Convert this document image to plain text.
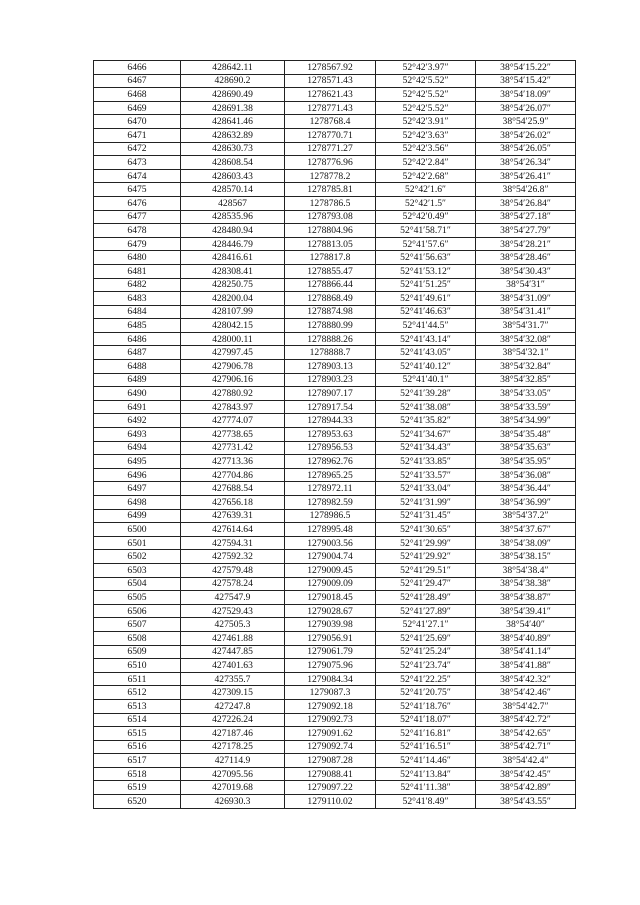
6466	428642.11	1278567.92	52°42′3.97″	38°54′15.22″
6467	428690.2	1278571.43	52°42′5.52″	38°54′15.42″
6468	428690.49	1278621.43	52°42′5.52″	38°54′18.09″
6469	428691.38	1278771.43	52°42′5.52″	38°54′26.07″
6470	428641.46	1278768.4	52°42′3.91″	38°54′25.9″
6471	428632.89	1278770.71	52°42′3.63″	38°54′26.02″
6472	428630.73	1278771.27	52°42′3.56″	38°54′26.05″
6473	428608.54	1278776.96	52°42′2.84″	38°54′26.34″
6474	428603.43	1278778.2	52°42′2.68″	38°54′26.41″
6475	428570.14	1278785.81	52°42′1.6″	38°54′26.8″
6476	428567	1278786.5	52°42′1.5″	38°54′26.84″
6477	428535.96	1278793.08	52°42′0.49″	38°54′27.18″
6478	428480.94	1278804.96	52°41′58.71″	38°54′27.79″
6479	428446.79	1278813.05	52°41′57.6″	38°54′28.21″
6480	428416.61	1278817.8	52°41′56.63″	38°54′28.46″
6481	428308.41	1278855.47	52°41′53.12″	38°54′30.43″
6482	428250.75	1278866.44	52°41′51.25″	38°54′31″
6483	428200.04	1278868.49	52°41′49.61″	38°54′31.09″
6484	428107.99	1278874.98	52°41′46.63″	38°54′31.41″
6485	428042.15	1278880.99	52°41′44.5″	38°54′31.7″
6486	428000.11	1278888.26	52°41′43.14″	38°54′32.08″
6487	427997.45	1278888.7	52°41′43.05″	38°54′32.1″
6488	427906.78	1278903.13	52°41′40.12″	38°54′32.84″
6489	427906.16	1278903.23	52°41′40.1″	38°54′32.85″
6490	427880.92	1278907.17	52°41′39.28″	38°54′33.05″
6491	427843.97	1278917.54	52°41′38.08″	38°54′33.59″
6492	427774.07	1278944.33	52°41′35.82″	38°54′34.99″
6493	427738.65	1278953.63	52°41′34.67″	38°54′35.48″
6494	427731.42	1278956.53	52°41′34.43″	38°54′35.63″
6495	427713.36	1278962.76	52°41′33.85″	38°54′35.95″
6496	427704.86	1278965.25	52°41′33.57″	38°54′36.08″
6497	427688.54	1278972.11	52°41′33.04″	38°54′36.44″
6498	427656.18	1278982.59	52°41′31.99″	38°54′36.99″
6499	427639.31	1278986.5	52°41′31.45″	38°54′37.2″
6500	427614.64	1278995.48	52°41′30.65″	38°54′37.67″
6501	427594.31	1279003.56	52°41′29.99″	38°54′38.09″
6502	427592.32	1279004.74	52°41′29.92″	38°54′38.15″
6503	427579.48	1279009.45	52°41′29.51″	38°54′38.4″
6504	427578.24	1279009.09	52°41′29.47″	38°54′38.38″
6505	427547.9	1279018.45	52°41′28.49″	38°54′38.87″
6506	427529.43	1279028.67	52°41′27.89″	38°54′39.41″
6507	427505.3	1279039.98	52°41′27.1″	38°54′40″
6508	427461.88	1279056.91	52°41′25.69″	38°54′40.89″
6509	427447.85	1279061.79	52°41′25.24″	38°54′41.14″
6510	427401.63	1279075.96	52°41′23.74″	38°54′41.88″
6511	427355.7	1279084.34	52°41′22.25″	38°54′42.32″
6512	427309.15	1279087.3	52°41′20.75″	38°54′42.46″
6513	427247.8	1279092.18	52°41′18.76″	38°54′42.7″
6514	427226.24	1279092.73	52°41′18.07″	38°54′42.72″
6515	427187.46	1279091.62	52°41′16.81″	38°54′42.65″
6516	427178.25	1279092.74	52°41′16.51″	38°54′42.71″
6517	427114.9	1279087.28	52°41′14.46″	38°54′42.4″
6518	427095.56	1279088.41	52°41′13.84″	38°54′42.45″
6519	427019.68	1279097.22	52°41′11.38″	38°54′42.89″
6520	426930.3	1279110.02	52°41′8.49″	38°54′43.55″
